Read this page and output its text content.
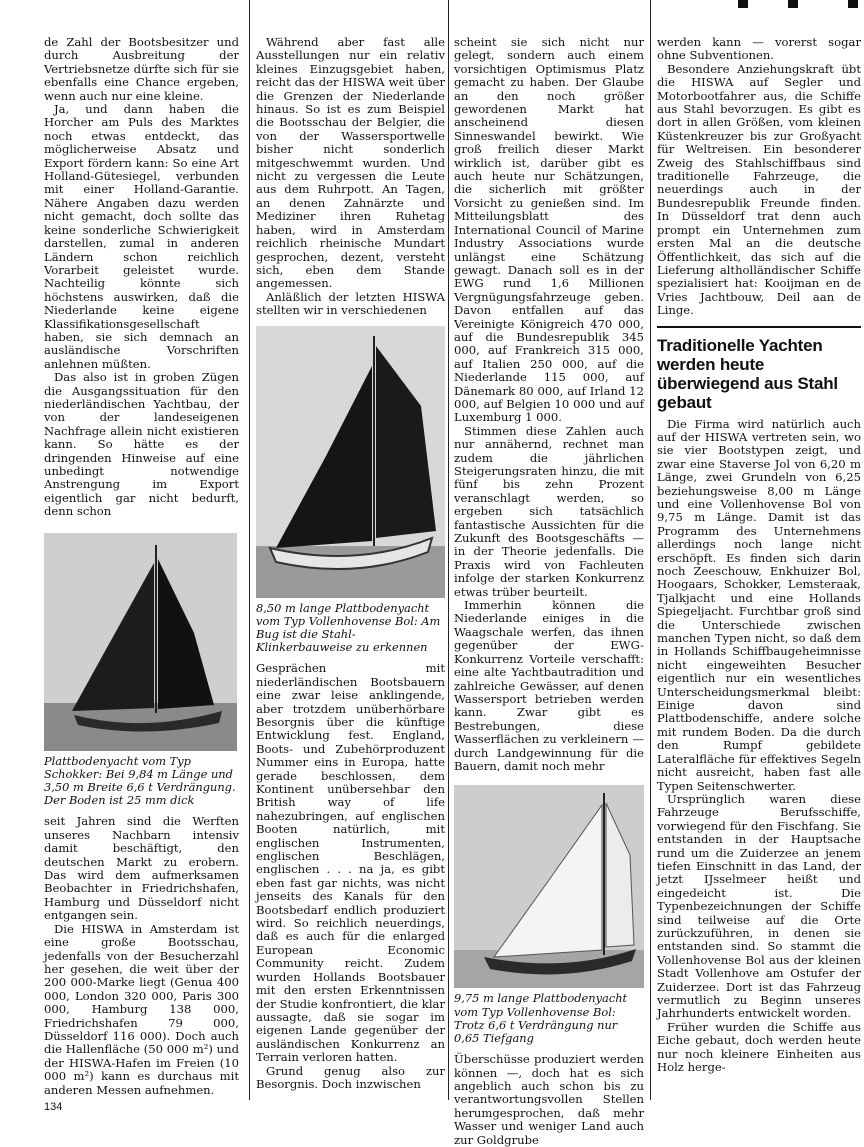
de Zahl der Bootsbesitzer und durch Ausbreitung der Vertriebsnetze dürfte sich für sie ebenfalls eine Chance ergeben, wenn auch nur eine kleine.

Ja, und dann haben die Horcher am Puls des Marktes noch etwas entdeckt, das möglicherweise Absatz und Export fördern kann: So eine Art Holland-Gütesiegel, verbunden mit einer Holland-Garantie. Nähere Angaben dazu werden nicht gemacht, doch sollte das keine sonderliche Schwierigkeit darstellen, zumal in anderen Ländern schon reichlich Vorarbeit geleistet wurde. Nachteilig könnte sich höchstens auswirken, daß die Niederlande keine eigene Klassifikationsgesellschaft haben, sie sich demnach an ausländische Vorschriften anlehnen müßten.

Das also ist in groben Zügen die Ausgangssituation für den niederländischen Yachtbau, der von der landeseigenen Nachfrage allein nicht existieren kann. So hätte es der dringenden Hinweise auf eine unbedingt notwendige Anstrengung im Export eigentlich gar nicht bedurft, denn schon

Plattbodenyacht vom Typ Schokker: Bei 9,84 m Länge und 3,50 m Breite 6,6 t Verdrängung. Der Boden ist 25 mm dick

seit Jahren sind die Werften unseres Nachbarn intensiv damit beschäftigt, den deutschen Markt zu erobern. Das wird dem aufmerksamen Beobachter in Friedrichshafen, Hamburg und Düsseldorf nicht entgangen sein.

Die HISWA in Amsterdam ist eine große Bootsschau, jedenfalls von der Besucherzahl her gesehen, die weit über der 200 000-Marke liegt (Genua 400 000, London 320 000, Paris 300 000, Hamburg 138 000, Friedrichshafen 79 000, Düsseldorf 116 000). Doch auch die Hallenfläche (50 000 m²) und der HISWA-Hafen im Freien (10 000 m²) kann es durchaus mit anderen Messen aufnehmen.

Während aber fast alle Ausstellungen nur ein relativ kleines Einzugsgebiet haben, reicht das der HISWA weit über die Grenzen der Niederlande hinaus. So ist es zum Beispiel die Bootsschau der Belgier, die von der Wassersportwelle bisher nicht sonderlich mitgeschwemmt wurden. Und nicht zu vergessen die Leute aus dem Ruhrpott. An Tagen, an denen Zahnärzte und Mediziner ihren Ruhetag haben, wird in Amsterdam reichlich rheinische Mundart gesprochen, dezent, versteht sich, eben dem Stande angemessen.

Anläßlich der letzten HISWA stellten wir in verschiedenen

8,50 m lange Plattbodenyacht vom Typ Vollenhovense Bol: Am Bug ist die Stahl-Klinkerbauweise zu erkennen

Gesprächen mit niederländischen Bootsbauern eine zwar leise anklingende, aber trotzdem unüberhörbare Besorgnis über die künftige Entwicklung fest. England, Boots- und Zubehörproduzent Nummer eins in Europa, hatte gerade beschlossen, dem Kontinent unübersehbar den British way of life nahezubringen, auf englischen Booten natürlich, mit englischen Instrumenten, englischen Beschlägen, englischen . . . na ja, es gibt eben fast gar nichts, was nicht jenseits des Kanals für den Bootsbedarf endlich produziert wird. So reichlich neuerdings, daß es auch für die enlarged European Economic Community reicht. Zudem wurden Hollands Bootsbauer mit den ersten Erkenntnissen der Studie konfrontiert, die klar aussagte, daß sie sogar im eigenen Lande gegenüber der ausländischen Konkurrenz an Terrain verloren hatten.

Grund genug also zur Besorgnis. Doch inzwischen

scheint sie sich nicht nur gelegt, sondern auch einem vorsichtigen Optimismus Platz gemacht zu haben. Der Glaube an den noch größer gewordenen Markt hat anscheinend diesen Sinneswandel bewirkt. Wie groß freilich dieser Markt wirklich ist, darüber gibt es auch heute nur Schätzungen, die sicherlich mit größter Vorsicht zu genießen sind. Im Mitteilungsblatt des International Council of Marine Industry Associations wurde unlängst eine Schätzung gewagt. Danach soll es in der EWG rund 1,6 Millionen Vergnügungsfahrzeuge geben. Davon entfallen auf das Vereinigte Königreich 470 000, auf die Bundesrepublik 345 000, auf Frankreich 315 000, auf Italien 250 000, auf die Niederlande 115 000, auf Dänemark 80 000, auf Irland 12 000, auf Belgien 10 000 und auf Luxemburg 1 000.

Stimmen diese Zahlen auch nur annähernd, rechnet man zudem die jährlichen Steigerungsraten hinzu, die mit fünf bis zehn Prozent veranschlagt werden, so ergeben sich tatsächlich fantastische Aussichten für die Zukunft des Bootsgeschäfts — in der Theorie jedenfalls. Die Praxis wird von Fachleuten infolge der starken Konkurrenz etwas trüber beurteilt.

Immerhin können die Niederlande einiges in die Waagschale werfen, das ihnen gegenüber der EWG-Konkurrenz Vorteile verschafft: eine alte Yachtbautradition und zahlreiche Gewässer, auf denen Wassersport betrieben werden kann. Zwar gibt es Bestrebungen, diese Wasserflächen zu verkleinern — durch Landgewinnung für die Bauern, damit noch mehr

9,75 m lange Plattbodenyacht vom Typ Vollenhovense Bol: Trotz 6,6 t Verdrängung nur 0,65 Tiefgang

Überschüsse produziert werden können —, doch hat es sich angeblich auch schon bis zu verantwortungsvollen Stellen herumgesprochen, daß mehr Wasser und weniger Land auch zur Goldgrube

werden kann — vorerst sogar ohne Subventionen.

Besondere Anziehungskraft übt die HISWA auf Segler und Motorbootfahrer aus, die Schiffe aus Stahl bevorzugen. Es gibt es dort in allen Größen, vom kleinen Küstenkreuzer bis zur Großyacht für Weltreisen. Ein besonderer Zweig des Stahlschiffbaus sind traditionelle Fahrzeuge, die neuerdings auch in der Bundesrepublik Freunde finden. In Düsseldorf trat denn auch prompt ein Unternehmen zum ersten Mal an die deutsche Öffentlichkeit, das sich auf die Lieferung altholländischer Schiffe spezialisiert hat: Kooijman en de Vries Jachtbouw, Deil aan de Linge.

Traditionelle Yachten werden heute überwiegend aus Stahl gebaut

Die Firma wird natürlich auch auf der HISWA vertreten sein, wo sie vier Bootstypen zeigt, und zwar eine Staverse Jol von 6,20 m Länge, zwei Grundeln von 6,25 beziehungsweise 8,00 m Länge und eine Vollenhovense Bol von 9,75 m Länge. Damit ist das Programm des Unternehmens allerdings noch lange nicht erschöpft. Es finden sich darin noch Zeeschouw, Enkhuizer Bol, Hoogaars, Schokker, Lemsteraak, Tjalkjacht und eine Hollands Spiegeljacht. Furchtbar groß sind die Unterschiede zwischen manchen Typen nicht, so daß dem in Hollands Schiffbaugeheimnisse nicht eingeweihten Besucher eigentlich nur ein wesentliches Unterscheidungsmerkmal bleibt: Einige davon sind Plattbodenschiffe, andere solche mit rundem Boden. Da die durch den Rumpf gebildete Lateralfläche für effektives Segeln nicht ausreicht, haben fast alle Typen Seitenschwerter.

Ursprünglich waren diese Fahrzeuge Berufsschiffe, vorwiegend für den Fischfang. Sie entstanden in der Hauptsache rund um die Zuiderzee an jenem tiefen Einschnitt in das Land, der jetzt IJsselmeer heißt und eingedeicht ist. Die Typenbezeichnungen der Schiffe sind teilweise auf die Orte zurückzuführen, in denen sie entstanden sind. So stammt die Vollenhovense Bol aus der kleinen Stadt Vollenhove am Ostufer der Zuiderzee. Dort ist das Fahrzeug vermutlich zu Beginn unseres Jahrhunderts entwickelt worden.

Früher wurden die Schiffe aus Eiche gebaut, doch werden heute nur noch kleinere Einheiten aus Holz herge-

134
